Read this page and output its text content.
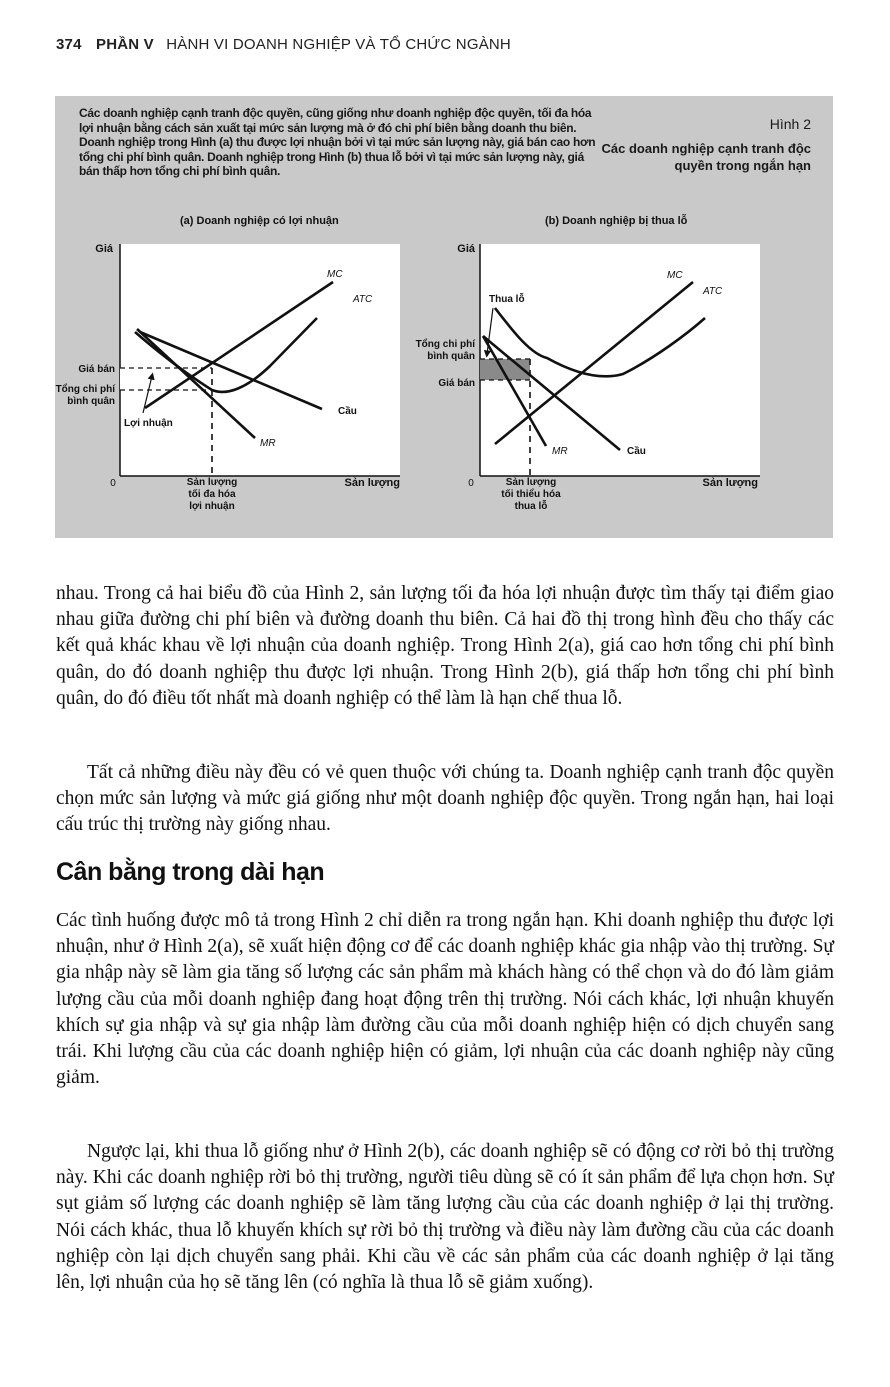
374 PHẦN V HÀNH VI DOANH NGHIỆP VÀ TỔ CHỨC NGÀNH
Các doanh nghiệp cạnh tranh độc quyền, cũng giống như doanh nghiệp độc quyền, tối đa hóa lợi nhuận bằng cách sản xuất tại mức sản lượng mà ở đó chi phí biên bằng doanh thu biên. Doanh nghiệp trong Hình (a) thu được lợi nhuận bởi vì tại mức sản lượng này, giá bán cao hơn tổng chi phí bình quân. Doanh nghiệp trong Hình (b) thua lỗ bởi vì tại mức sản lượng này, giá bán thấp hơn tổng chi phí bình quân.
Hình 2
Các doanh nghiệp cạnh tranh độc quyền trong ngắn hạn
(a) Doanh nghiệp có lợi nhuận
Giá
Sản lượng
0
MC
ATC
Cầu
MR
Giá bán
Tổng chi phí
bình quân
Lợi nhuận
Sản lượng
tối đa hóa
lợi nhuận
(b) Doanh nghiệp bị thua lỗ
Giá
Sản lượng
0
MC
ATC
Cầu
MR
Thua lỗ
Tổng chi phí
bình quân
Giá bán
Sản lượng
tối thiểu hóa
thua lỗ

nhau. Trong cả hai biểu đồ của Hình 2, sản lượng tối đa hóa lợi nhuận được tìm thấy tại điểm giao nhau giữa đường chi phí biên và đường doanh thu biên. Cả hai đồ thị trong hình đều cho thấy các kết quả khác khau về lợi nhuận của doanh nghiệp. Trong Hình 2(a), giá cao hơn tổng chi phí bình quân, do đó doanh nghiệp thu được lợi nhuận. Trong Hình 2(b), giá thấp hơn tổng chi phí bình quân, do đó điều tốt nhất mà doanh nghiệp có thể làm là hạn chế thua lỗ.

Tất cả những điều này đều có vẻ quen thuộc với chúng ta. Doanh nghiệp cạnh tranh độc quyền chọn mức sản lượng và mức giá giống như một doanh nghiệp độc quyền. Trong ngắn hạn, hai loại cấu trúc thị trường này giống nhau.

Cân bằng trong dài hạn

Các tình huống được mô tả trong Hình 2 chỉ diễn ra trong ngắn hạn. Khi doanh nghiệp thu được lợi nhuận, như ở Hình 2(a), sẽ xuất hiện động cơ để các doanh nghiệp khác gia nhập vào thị trường. Sự gia nhập này sẽ làm gia tăng số lượng các sản phẩm mà khách hàng có thể chọn và do đó làm giảm lượng cầu của mỗi doanh nghiệp đang hoạt động trên thị trường. Nói cách khác, lợi nhuận khuyến khích sự gia nhập và sự gia nhập làm đường cầu của mỗi doanh nghiệp hiện có dịch chuyển sang trái. Khi lượng cầu của các doanh nghiệp hiện có giảm, lợi nhuận của các doanh nghiệp này cũng giảm.

Ngược lại, khi thua lỗ giống như ở Hình 2(b), các doanh nghiệp sẽ có động cơ rời bỏ thị trường này. Khi các doanh nghiệp rời bỏ thị trường, người tiêu dùng sẽ có ít sản phẩm để lựa chọn hơn. Sự sụt giảm số lượng các doanh nghiệp sẽ làm tăng lượng cầu của các doanh nghiệp ở lại thị trường. Nói cách khác, thua lỗ khuyến khích sự rời bỏ thị trường và điều này làm đường cầu của các doanh nghiệp còn lại dịch chuyển sang phải. Khi cầu về các sản phẩm của các doanh nghiệp ở lại tăng lên, lợi nhuận của họ sẽ tăng lên (có nghĩa là thua lỗ sẽ giảm xuống).
